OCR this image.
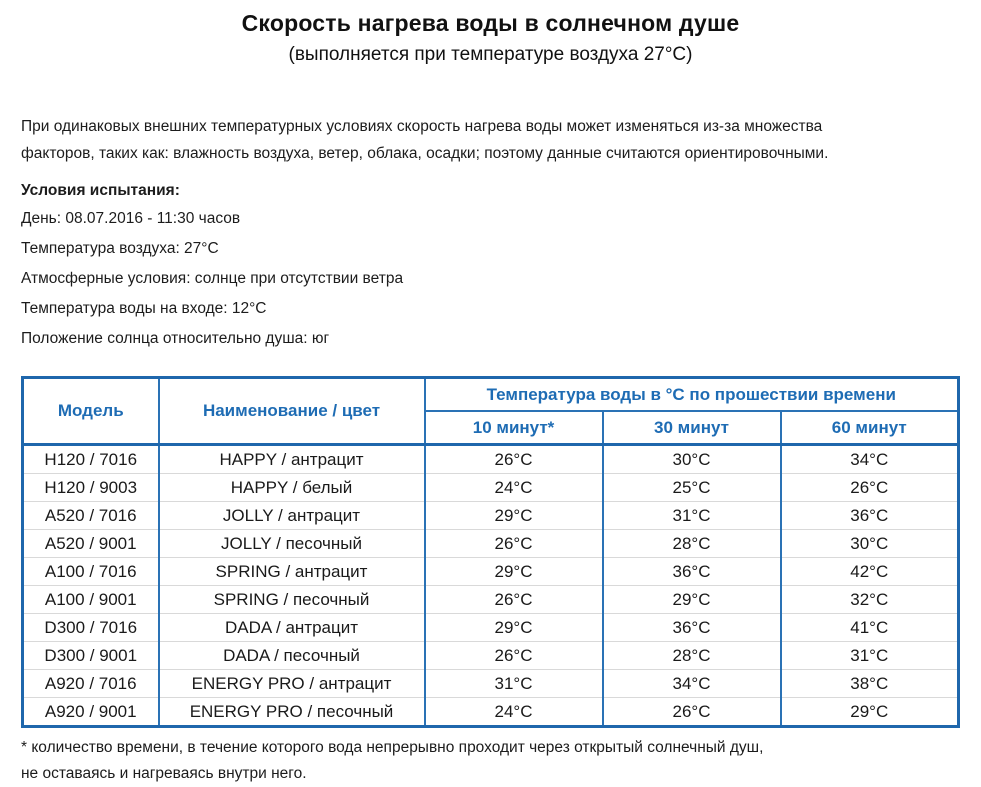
Скорость нагрева воды в солнечном душе
(выполняется при температуре воздуха 27°С)
При одинаковых внешних температурных условиях скорость нагрева воды может изменяться из-за множества
факторов, таких как: влажность воздуха, ветер, облака, осадки; поэтому данные считаются ориентировочными.
Условия испытания:
День: 08.07.2016 - 11:30 часов
Температура воздуха: 27°С
Атмосферные условия: солнце при отсутствии ветра
Температура воды на входе: 12°С
Положение солнца относительно душа: юг
Модель	Наименование / цвет	Температура воды в °С по прошествии времени		
		10 минут*	30 минут	60 минут
H120 / 7016	HAPPY / антрацит	26°С	30°С	34°С
H120 / 9003	HAPPY / белый	24°С	25°С	26°С
A520 / 7016	JOLLY / антрацит	29°С	31°С	36°С
A520 / 9001	JOLLY / песочный	26°С	28°С	30°С
A100 / 7016	SPRING / антрацит	29°С	36°С	42°С
A100 / 9001	SPRING / песочный	26°С	29°С	32°С
D300 / 7016	DADA / антрацит	29°С	36°С	41°С
D300 / 9001	DADA / песочный	26°С	28°С	31°С
A920 / 7016	ENERGY PRO / антрацит	31°С	34°С	38°С
A920 / 9001	ENERGY PRO / песочный	24°С	26°С	29°С
* количество времени, в течение которого вода непрерывно проходит через открытый солнечный душ,
не оставаясь и нагреваясь внутри него.
